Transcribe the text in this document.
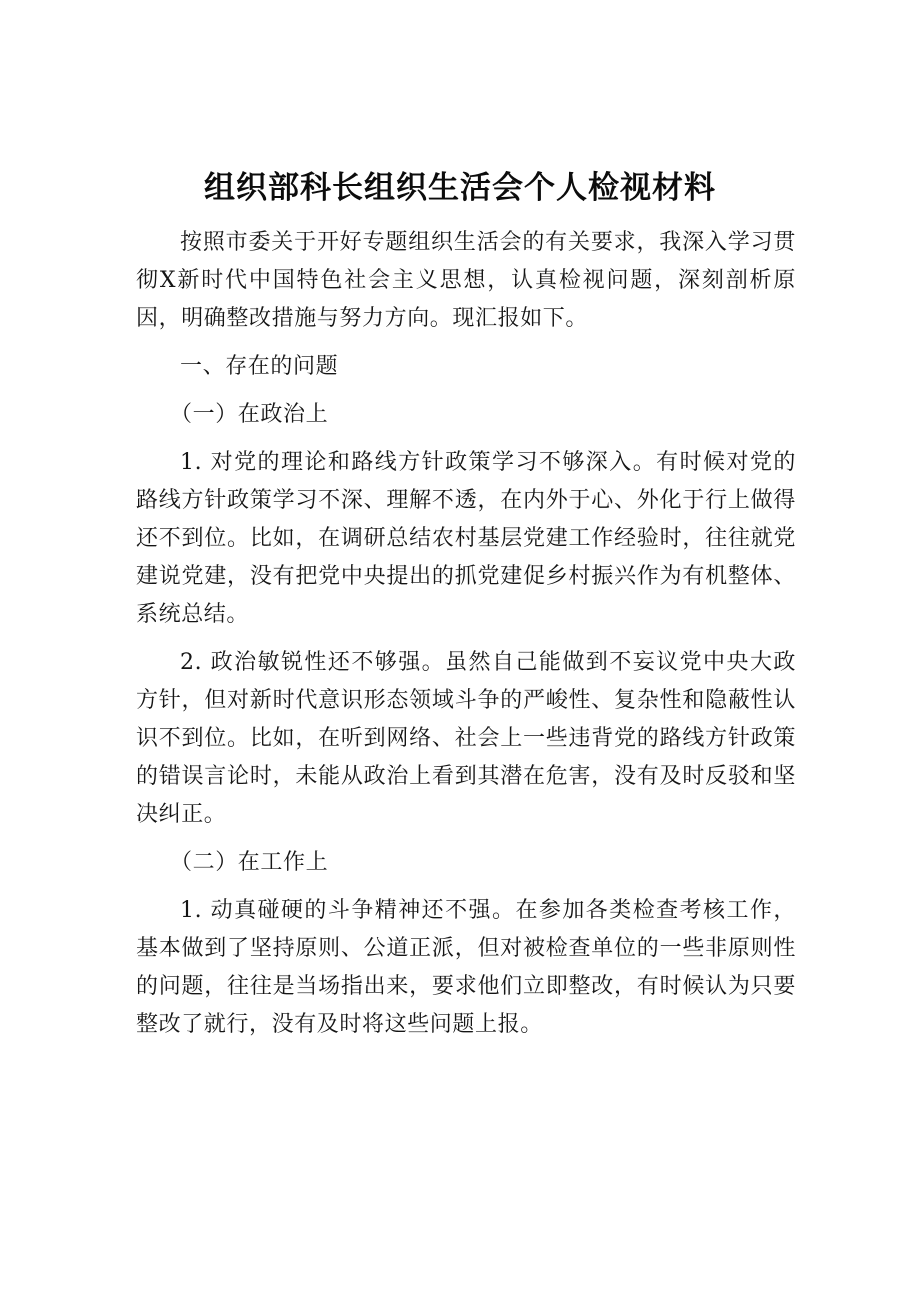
组织部科长组织生活会个人检视材料

按照市委关于开好专题组织生活会的有关要求，我深入学习贯彻X新时代中国特色社会主义思想，认真检视问题，深刻剖析原因，明确整改措施与努力方向。现汇报如下。

一、存在的问题

（一）在政治上

1. 对党的理论和路线方针政策学习不够深入。有时候对党的路线方针政策学习不深、理解不透，在内外于心、外化于行上做得还不到位。比如，在调研总结农村基层党建工作经验时，往往就党建说党建，没有把党中央提出的抓党建促乡村振兴作为有机整体、系统总结。

2. 政治敏锐性还不够强。虽然自己能做到不妄议党中央大政方针，但对新时代意识形态领域斗争的严峻性、复杂性和隐蔽性认识不到位。比如，在听到网络、社会上一些违背党的路线方针政策的错误言论时，未能从政治上看到其潜在危害，没有及时反驳和坚决纠正。

（二）在工作上

1. 动真碰硬的斗争精神还不强。在参加各类检查考核工作，基本做到了坚持原则、公道正派，但对被检查单位的一些非原则性的问题，往往是当场指出来，要求他们立即整改，有时候认为只要整改了就行，没有及时将这些问题上报。
